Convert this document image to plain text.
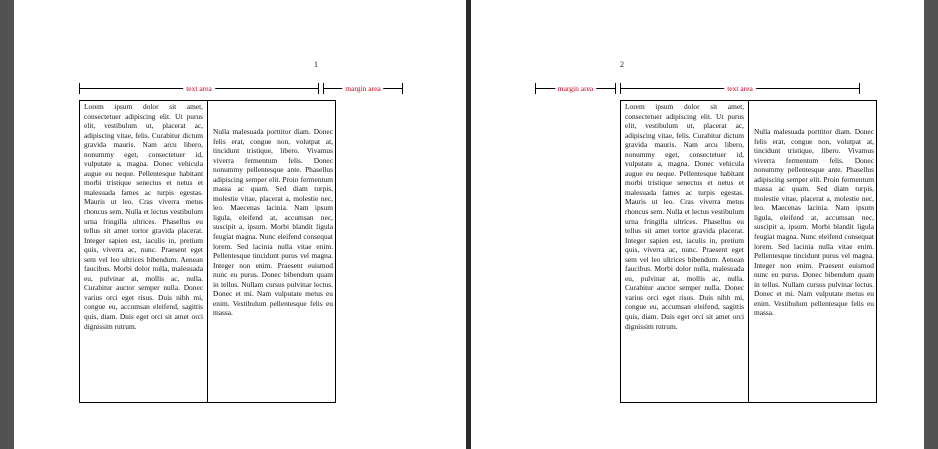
1
text area	margin area
Lorem ipsum dolor sit amet, consectetuer adipiscing elit. Ut purus elit, vestibulum ut, placerat ac, adipiscing vitae, felis. Curabitur dictum gravida mauris. Nam arcu libero, nonummy eget, consectetuer id, vulputate a, magna. Donec vehicula augue eu neque. Pellentesque habitant morbi tristique senectus et netus et malesuada fames ac turpis egestas. Mauris ut leo. Cras viverra metus rhoncus sem. Nulla et lectus vestibulum urna fringilla ultrices. Phasellus eu tellus sit amet tortor gravida placerat. Integer sapien est, iaculis in, pretium quis, viverra ac, nunc. Praesent eget sem vel leo ultrices bibendum. Aenean faucibus. Morbi dolor nulla, malesuada eu, pulvinar at, mollis ac, nulla. Curabitur auctor semper nulla. Donec varius orci eget risus. Duis nibh mi, congue eu, accumsan eleifend, sagittis quis, diam. Duis eget orci sit amet orci dignissim rutrum.
Nulla malesuada porttitor diam. Donec felis erat, congue non, volutpat at, tincidunt tristique, libero. Vivamus viverra fermentum felis. Donec nonummy pellentesque ante. Phasellus adipiscing semper elit. Proin fermentum massa ac quam. Sed diam turpis, molestie vitae, placerat a, molestie nec, leo. Maecenas lacinia. Nam ipsum ligula, eleifend at, accumsan nec, suscipit a, ipsum. Morbi blandit ligula feugiat magna. Nunc eleifend consequat lorem. Sed lacinia nulla vitae enim. Pellentesque tincidunt purus vel magna. Integer non enim. Praesent euismod nunc eu purus. Donec bibendum quam in tellus. Nullam cursus pulvinar lectus. Donec et mi. Nam vulputate metus eu enim. Vestibulum pellentesque felis eu massa.
2
margin area	text area
Lorem ipsum dolor sit amet, consectetuer adipiscing elit. Ut purus elit, vestibulum ut, placerat ac, adipiscing vitae, felis. Curabitur dictum gravida mauris. Nam arcu libero, nonummy eget, consectetuer id, vulputate a, magna. Donec vehicula augue eu neque. Pellentesque habitant morbi tristique senectus et netus et malesuada fames ac turpis egestas. Mauris ut leo. Cras viverra metus rhoncus sem. Nulla et lectus vestibulum urna fringilla ultrices. Phasellus eu tellus sit amet tortor gravida placerat. Integer sapien est, iaculis in, pretium quis, viverra ac, nunc. Praesent eget sem vel leo ultrices bibendum. Aenean faucibus. Morbi dolor nulla, malesuada eu, pulvinar at, mollis ac, nulla. Curabitur auctor semper nulla. Donec varius orci eget risus. Duis nibh mi, congue eu, accumsan eleifend, sagittis quis, diam. Duis eget orci sit amet orci dignissim rutrum.
Nulla malesuada porttitor diam. Donec felis erat, congue non, volutpat at, tincidunt tristique, libero. Vivamus viverra fermentum felis. Donec nonummy pellentesque ante. Phasellus adipiscing semper elit. Proin fermentum massa ac quam. Sed diam turpis, molestie vitae, placerat a, molestie nec, leo. Maecenas lacinia. Nam ipsum ligula, eleifend at, accumsan nec, suscipit a, ipsum. Morbi blandit ligula feugiat magna. Nunc eleifend consequat lorem. Sed lacinia nulla vitae enim. Pellentesque tincidunt purus vel magna. Integer non enim. Praesent euismod nunc eu purus. Donec bibendum quam in tellus. Nullam cursus pulvinar lectus. Donec et mi. Nam vulputate metus eu enim. Vestibulum pellentesque felis eu massa.
